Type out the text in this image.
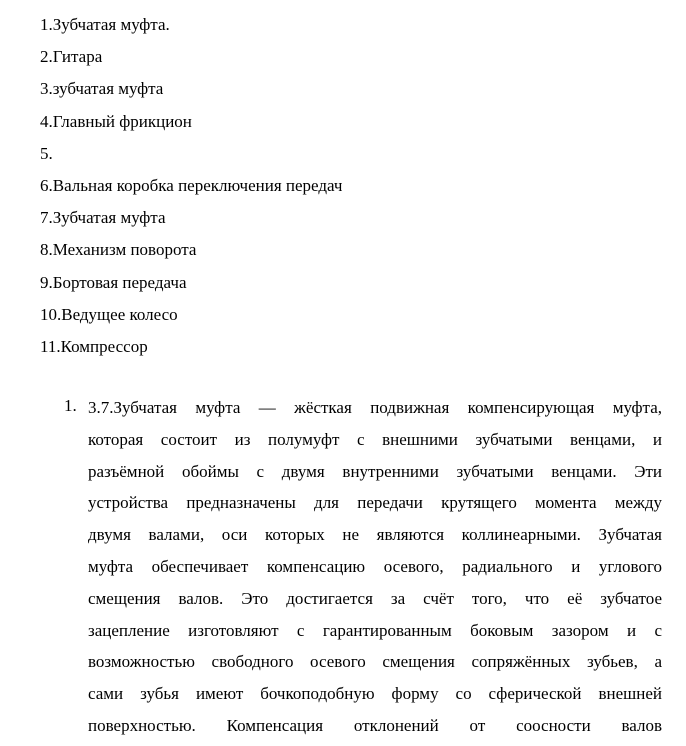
1.Зубчатая муфта.
2.Гитара
3.зубчатая муфта
4.Главный фрикцион
5.
6.Вальная коробка переключения передач
7.Зубчатая муфта
8.Механизм поворота
9.Бортовая передача
10.Ведущее колесо
11.Компрессор
1. 3.7.Зубчатая муфта — жёсткая подвижная компенсирующая муфта,
которая состоит из полумуфт с внешними зубчатыми венцами, и
разъёмной обоймы с двумя внутренними зубчатыми венцами. Эти
устройства предназначены для передачи крутящего момента между
двумя валами, оси которых не являются коллинеарными. Зубчатая
муфта обеспечивает компенсацию осевого, радиального и углового
смещения валов. Это достигается за счёт того, что её зубчатое
зацепление изготовляют с гарантированным боковым зазором и с
возможностью свободного осевого смещения сопряжённых зубьев, а
сами зубья имеют бочкоподобную форму со сферической внешней
поверхностью. Компенсация отклонений от соосности валов
